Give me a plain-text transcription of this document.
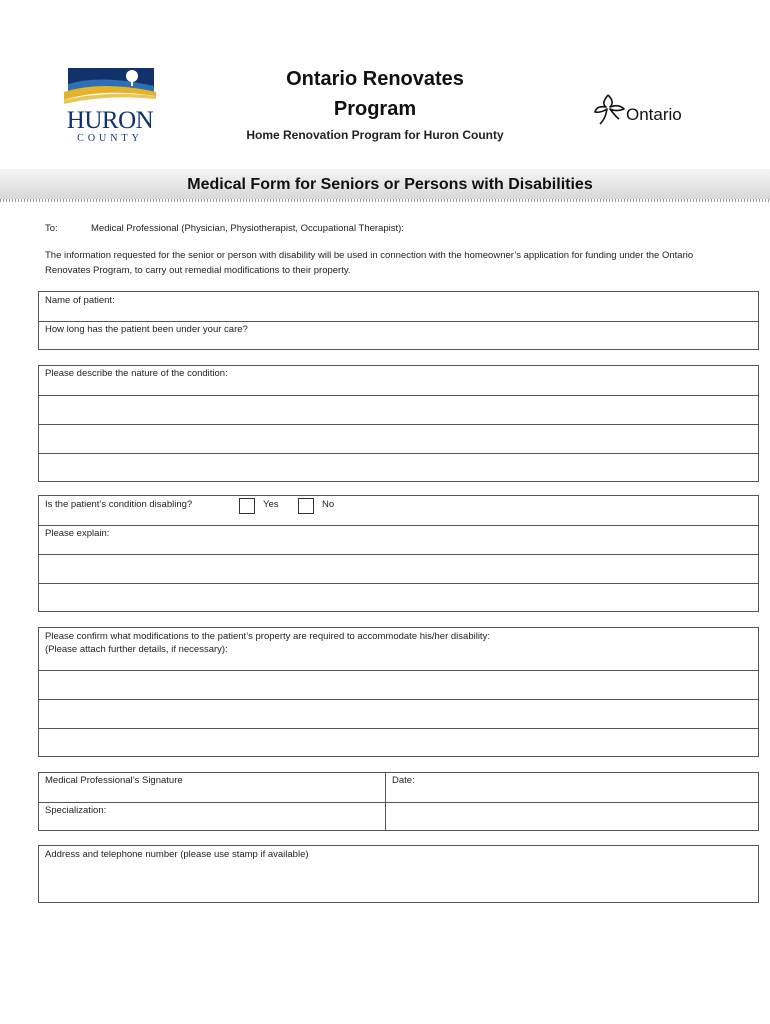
HURON
COUNTY
Ontario Renovates
Program
Home Renovation Program for Huron County
Ontario
Medical Form for Seniors or Persons with Disabilities
To:	Medical Professional (Physician, Physiotherapist, Occupational Therapist):
The information requested for the senior or person with disability will be used in connection with the homeowner’s application for funding under the Ontario Renovates Program, to carry out remedial modifications to their property.
Name of patient:
How long has the patient been under your care?
Please describe the nature of the condition:
Is the patient’s condition disabling?	Yes	No
Please explain:
Please confirm what modifications to the patient’s property are required to accommodate his/her disability:
(Please attach further details, if necessary):
Medical Professional’s Signature	Date:
Specialization:
Address and telephone number (please use stamp if available)
